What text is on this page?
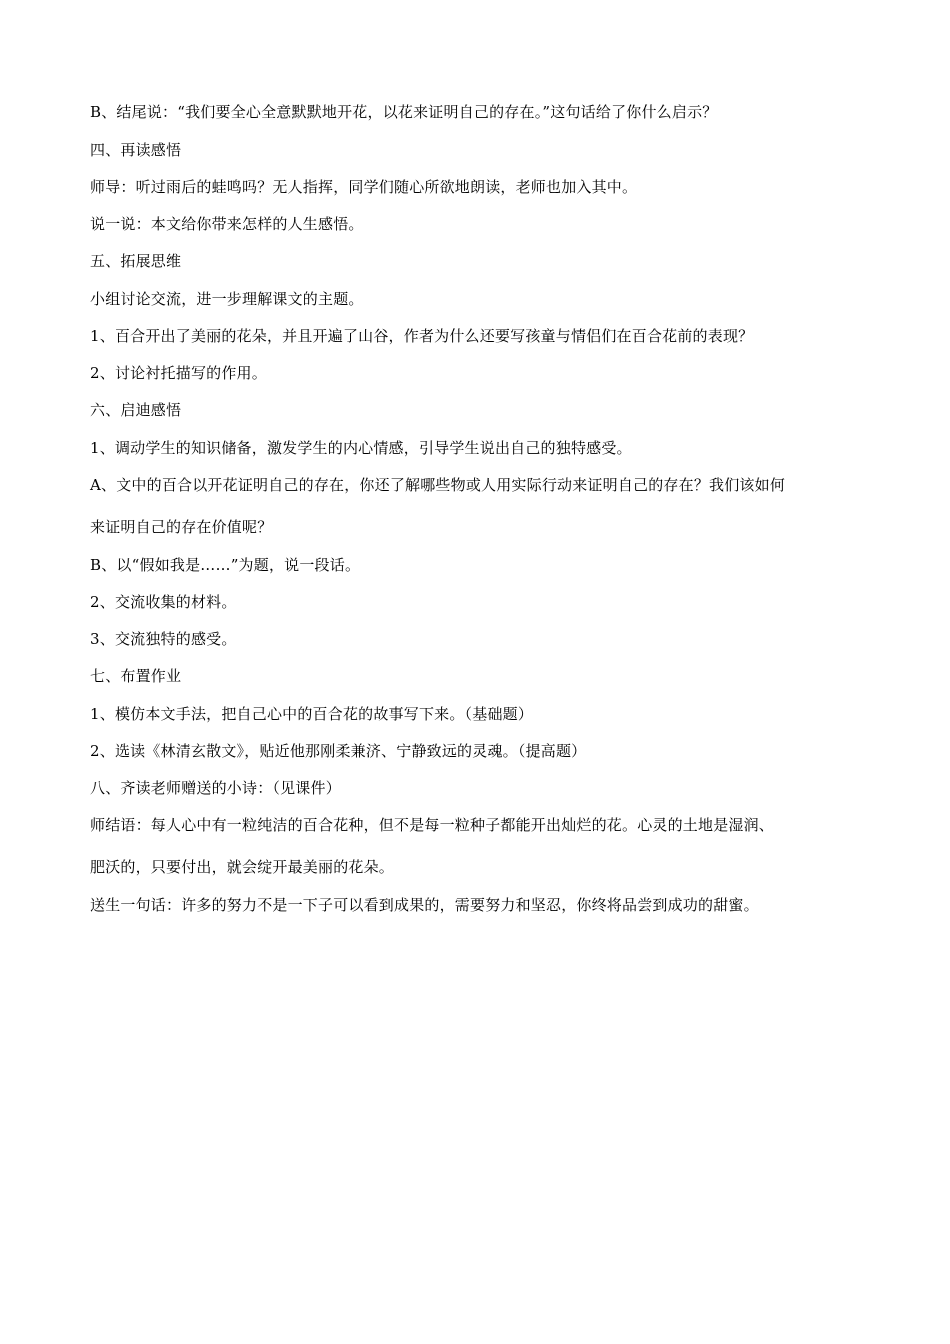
B、结尾说：“我们要全心全意默默地开花，以花来证明自己的存在。”这句话给了你什么启示？
四、再读感悟
师导：听过雨后的蛙鸣吗？无人指挥，同学们随心所欲地朗读，老师也加入其中。
说一说：本文给你带来怎样的人生感悟。
五、拓展思维
小组讨论交流，进一步理解课文的主题。
1、百合开出了美丽的花朵，并且开遍了山谷，作者为什么还要写孩童与情侣们在百合花前的表现？
2、讨论衬托描写的作用。
六、启迪感悟
1、调动学生的知识储备，激发学生的内心情感，引导学生说出自己的独特感受。
A、文中的百合以开花证明自己的存在，你还了解哪些物或人用实际行动来证明自己的存在？我们该如何
来证明自己的存在价值呢？
B、以“假如我是……”为题，说一段话。
2、交流收集的材料。
3、交流独特的感受。
七、布置作业
1、模仿本文手法，把自己心中的百合花的故事写下来。（基础题）
2、选读《林清玄散文》，贴近他那刚柔兼济、宁静致远的灵魂。（提高题）
八、齐读老师赠送的小诗：（见课件）
师结语：每人心中有一粒纯洁的百合花种，但不是每一粒种子都能开出灿烂的花。心灵的土地是湿润、
肥沃的，只要付出，就会绽开最美丽的花朵。
送生一句话：许多的努力不是一下子可以看到成果的，需要努力和坚忍，你终将品尝到成功的甜蜜。
